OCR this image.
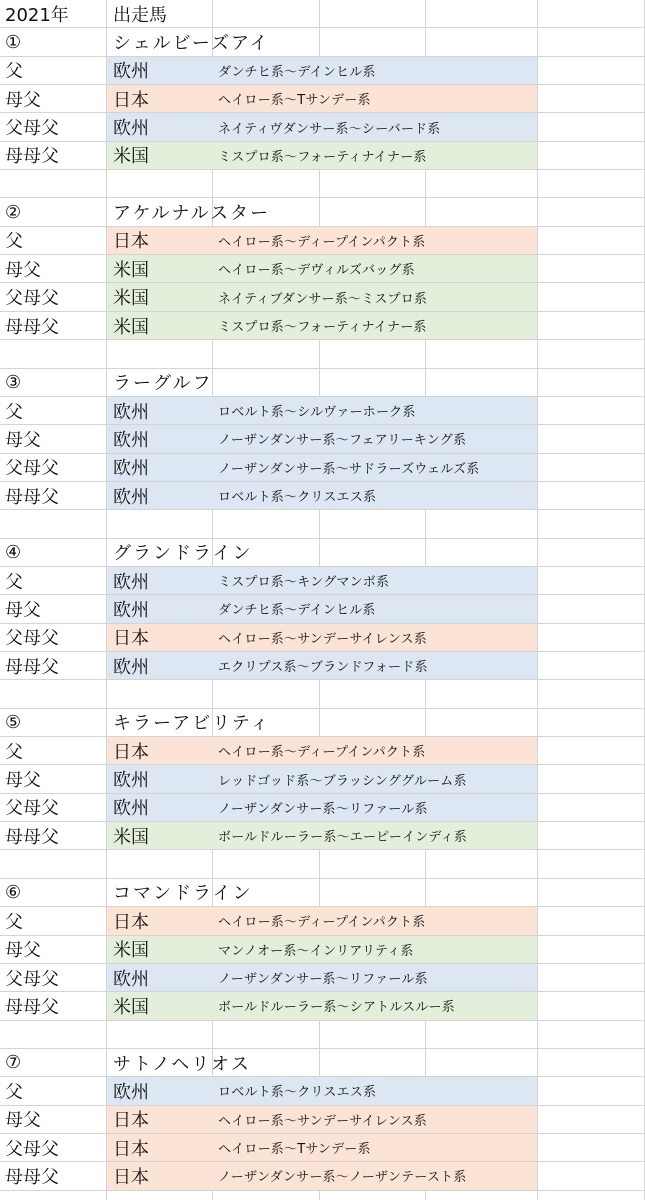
2021年	出走馬
①	シェルビーズアイ
父	欧州	ダンチヒ系〜デインヒル系
母父	日本	ヘイロー系〜Tサンデー系
父母父	欧州	ネイティヴダンサー系〜シーバード系
母母父	米国	ミスプロ系〜フォーティナイナー系
②	アケルナルスター
父	日本	ヘイロー系〜ディープインパクト系
母父	米国	ヘイロー系〜デヴィルズバッグ系
父母父	米国	ネイティブダンサー系〜ミスプロ系
母母父	米国	ミスプロ系〜フォーティナイナー系
③	ラーグルフ
父	欧州	ロベルト系〜シルヴァーホーク系
母父	欧州	ノーザンダンサー系〜フェアリーキング系
父母父	欧州	ノーザンダンサー系〜サドラーズウェルズ系
母母父	欧州	ロベルト系〜クリスエス系
④	グランドライン
父	欧州	ミスプロ系〜キングマンボ系
母父	欧州	ダンチヒ系〜デインヒル系
父母父	日本	ヘイロー系〜サンデーサイレンス系
母母父	欧州	エクリプス系〜ブランドフォード系
⑤	キラーアビリティ
父	日本	ヘイロー系〜ディープインパクト系
母父	欧州	レッドゴッド系〜ブラッシンググルーム系
父母父	欧州	ノーザンダンサー系〜リファール系
母母父	米国	ボールドルーラー系〜エーピーインディ系
⑥	コマンドライン
父	日本	ヘイロー系〜ディープインパクト系
母父	米国	マンノオー系〜インリアリティ系
父母父	欧州	ノーザンダンサー系〜リファール系
母母父	米国	ボールドルーラー系〜シアトルスルー系
⑦	サトノヘリオス
父	欧州	ロベルト系〜クリスエス系
母父	日本	ヘイロー系〜サンデーサイレンス系
父母父	日本	ヘイロー系〜Tサンデー系
母母父	日本	ノーザンダンサー系〜ノーザンテースト系
